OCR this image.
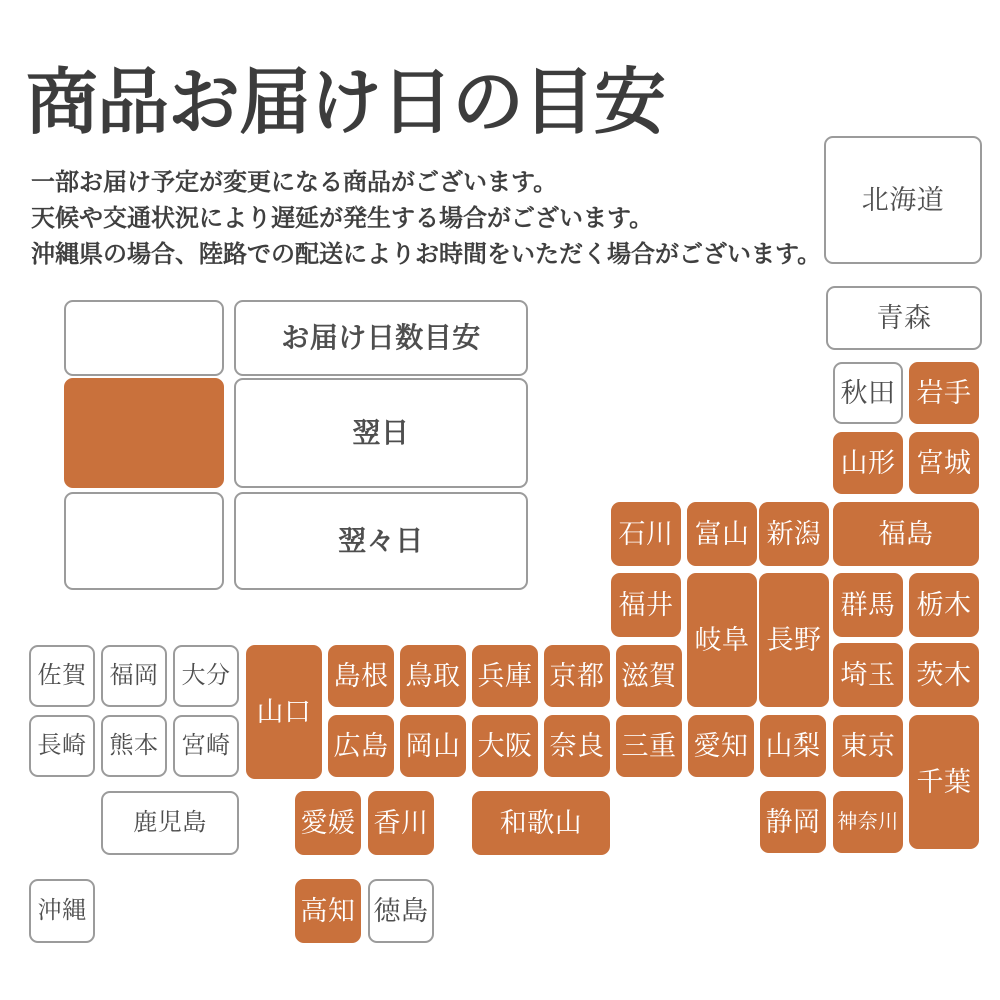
商品お届け日の目安
一部お届け予定が変更になる商品がございます。
天候や交通状況により遅延が発生する場合がございます。
沖縄県の場合、陸路での配送によりお時間をいただく場合がございます。
お届け日数目安
翌日
翌々日
北海道
青森
秋田 岩手
山形 宮城
福島
石川 富山 新潟
福井
岐阜 長野
群馬 栃木
埼玉 茨木
島根 鳥取 兵庫 京都 滋賀
山口
広島 岡山 大阪 奈良 三重 愛知 山梨 東京
千葉
静岡 神奈川
和歌山
愛媛 香川
高知 徳島
佐賀 福岡 大分
長崎 熊本 宮崎
鹿児島
沖縄
